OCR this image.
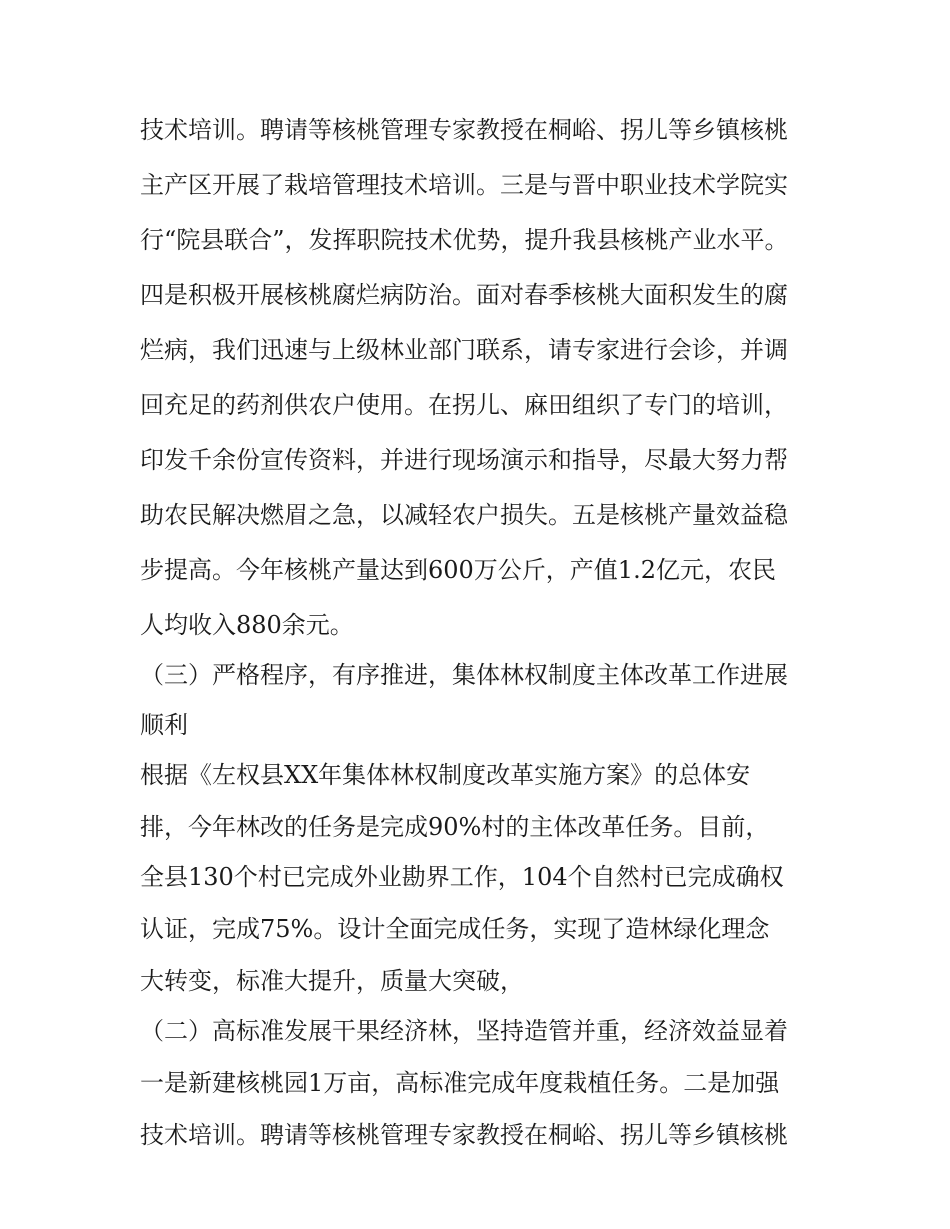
技术培训。聘请等核桃管理专家教授在桐峪、拐儿等乡镇核桃
主产区开展了栽培管理技术培训。三是与晋中职业技术学院实
行“院县联合”，发挥职院技术优势，提升我县核桃产业水平。
四是积极开展核桃腐烂病防治。面对春季核桃大面积发生的腐
烂病，我们迅速与上级林业部门联系，请专家进行会诊，并调
回充足的药剂供农户使用。在拐儿、麻田组织了专门的培训，
印发千余份宣传资料，并进行现场演示和指导，尽最大努力帮
助农民解决燃眉之急，以减轻农户损失。五是核桃产量效益稳
步提高。今年核桃产量达到600万公斤，产值1.2亿元，农民
人均收入880余元。
（三）严格程序，有序推进，集体林权制度主体改革工作进展
顺利
根据《左权县XX年集体林权制度改革实施方案》的总体安
排，今年林改的任务是完成90%村的主体改革任务。目前，
全县130个村已完成外业勘界工作，104个自然村已完成确权
认证，完成75%。设计全面完成任务，实现了造林绿化理念
大转变，标准大提升，质量大突破，
（二）高标准发展干果经济林，坚持造管并重，经济效益显着
一是新建核桃园1万亩，高标准完成年度栽植任务。二是加强
技术培训。聘请等核桃管理专家教授在桐峪、拐儿等乡镇核桃
